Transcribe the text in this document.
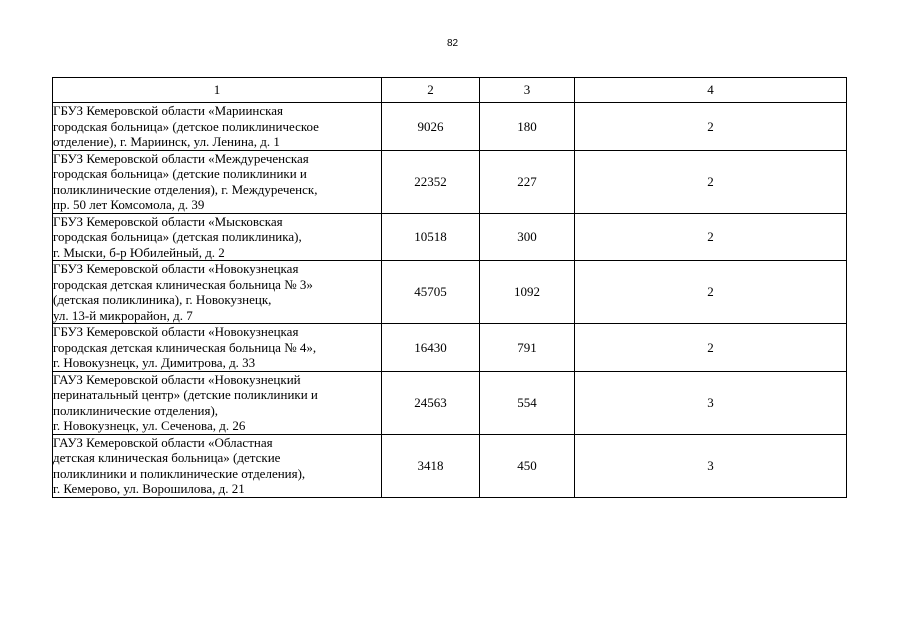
82
1	2	3	4

ГБУЗ Кемеровской области «Мариинская
городская больница» (детское поликлиническое
отделение), г. Мариинск, ул. Ленина, д. 1	9026	180	2

ГБУЗ Кемеровской области «Междуреченская
городская больница» (детские поликлиники и
поликлинические отделения), г. Междуреченск,
пр. 50 лет Комсомола, д. 39	22352	227	2

ГБУЗ Кемеровской области «Мысковская
городская больница» (детская поликлиника),
г. Мыски, б-р Юбилейный, д. 2	10518	300	2

ГБУЗ Кемеровской области «Новокузнецкая
городская детская клиническая больница № 3»
(детская поликлиника), г. Новокузнецк,
ул. 13-й микрорайон, д. 7	45705	1092	2

ГБУЗ Кемеровской области «Новокузнецкая
городская детская клиническая больница № 4»,
г. Новокузнецк, ул. Димитрова, д. 33	16430	791	2

ГАУЗ Кемеровской области «Новокузнецкий
перинатальный центр» (детские поликлиники и
поликлинические отделения),
г. Новокузнецк, ул. Сеченова, д. 26	24563	554	3

ГАУЗ Кемеровской области «Областная
детская клиническая больница» (детские
поликлиники и поликлинические отделения),
г. Кемерово, ул. Ворошилова, д. 21	3418	450	3
